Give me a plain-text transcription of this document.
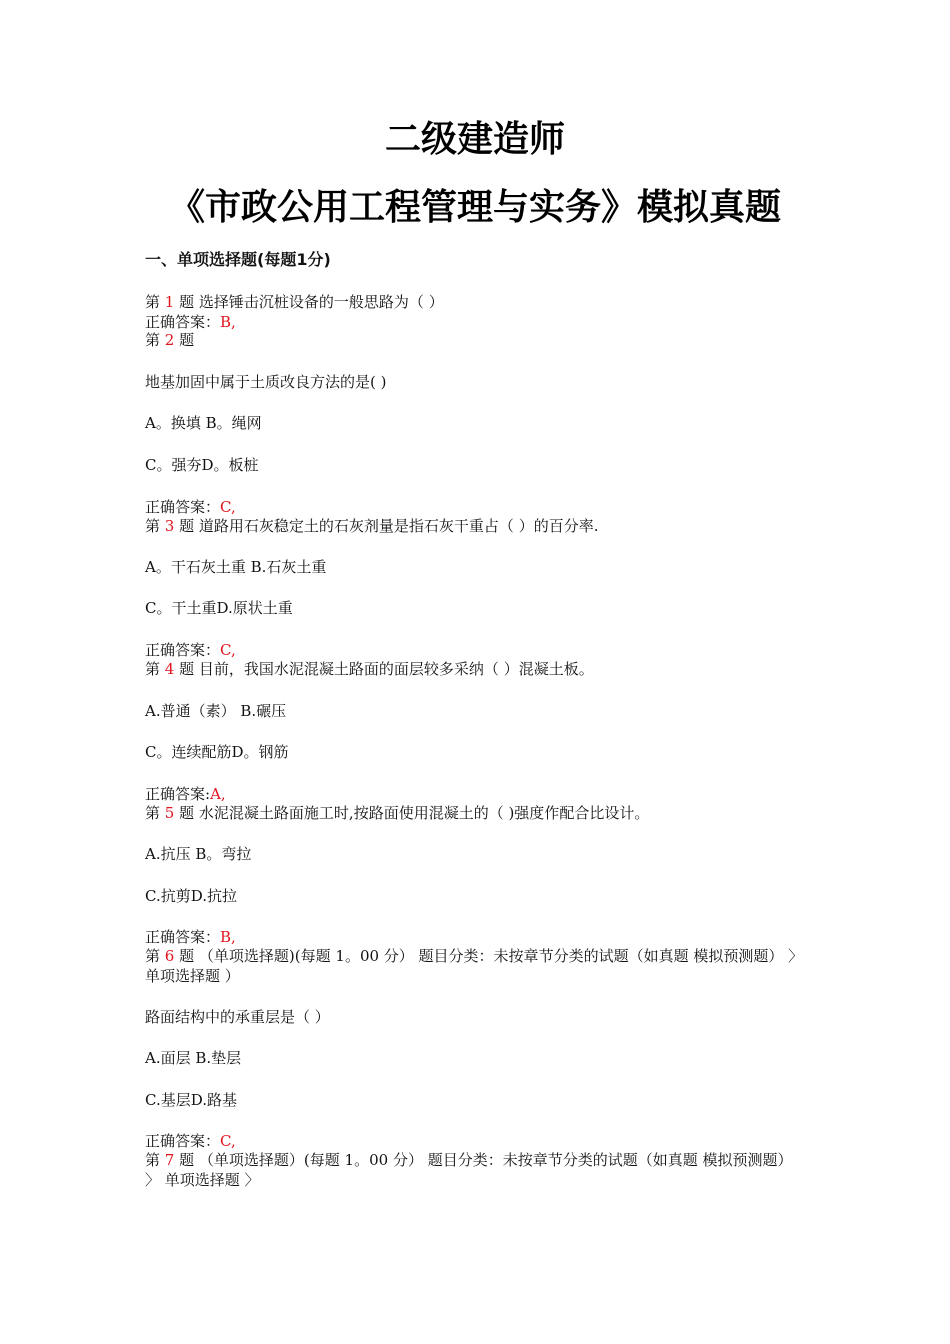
二级建造师
《市政公用工程管理与实务》模拟真题
一、单项选择题(每题1分)
第 1 题 选择锤击沉桩设备的一般思路为（ ）
正确答案：B,
第 2 题
地基加固中属于土质改良方法的是( )
A。换填 B。绳网
C。强夯D。板桩
正确答案：C,
第 3 题 道路用石灰稳定土的石灰剂量是指石灰干重占（ ）的百分率.
A。干石灰土重 B.石灰土重
C。干土重D.原状土重
正确答案：C,
第 4 题 目前，我国水泥混凝土路面的面层较多采纳（ ）混凝土板。
A.普通（素） B.碾压
C。连续配筋D。钢筋
正确答案:A,
第 5 题 水泥混凝土路面施工时,按路面使用混凝土的（ )强度作配合比设计。
A.抗压 B。弯拉
C.抗剪D.抗拉
正确答案：B,
第 6 题 （单项选择题)(每题 1。00 分） 题目分类：未按章节分类的试题（如真题 模拟预测题） 〉 单项选择题 ）
路面结构中的承重层是（ ）
A.面层 B.垫层
C.基层D.路基
正确答案：C,
第 7 题 （单项选择题）(每题 1。00 分） 题目分类：未按章节分类的试题（如真题 模拟预测题） 〉 单项选择题 〉
